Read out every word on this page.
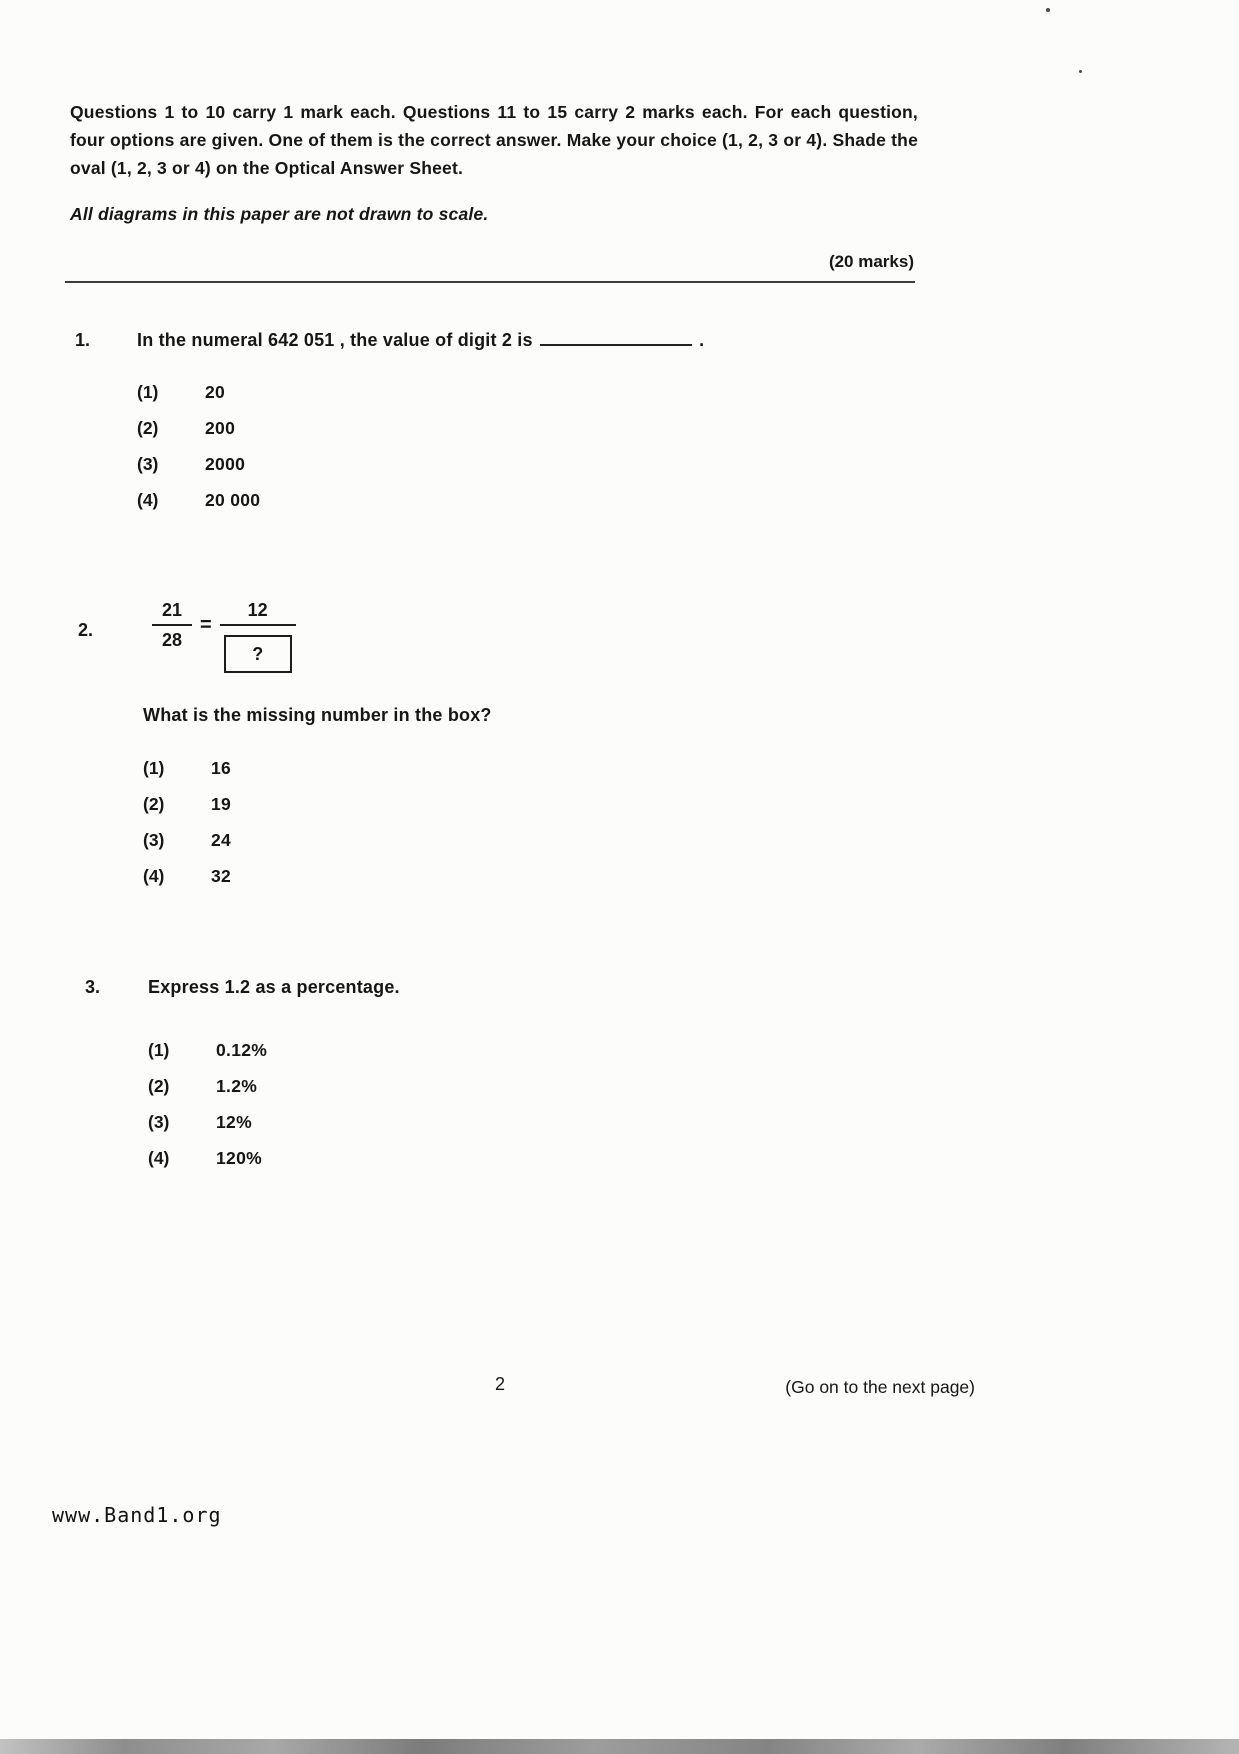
Questions 1 to 10 carry 1 mark each. Questions 11 to 15 carry 2 marks each. For each question, four options are given. One of them is the correct answer. Make your choice (1, 2, 3 or 4). Shade the oval (1, 2, 3 or 4) on the Optical Answer Sheet.

All diagrams in this paper are not drawn to scale.

(20 marks)
1.	In the numeral 642 051 , the value of digit 2 is	.
(1)	20
(2)	200
(3)	2000
(4)	20 000
2.	$\frac{21}{28} = \frac{12}{?}$
What is the missing number in the box?
(1)	16
(2)	19
(3)	24
(4)	32
3.	Express 1.2 as a percentage.
(1)	0.12%
(2)	1.2%
(3)	12%
(4)	120%
2	(Go on to the next page)
www.Band1.org
